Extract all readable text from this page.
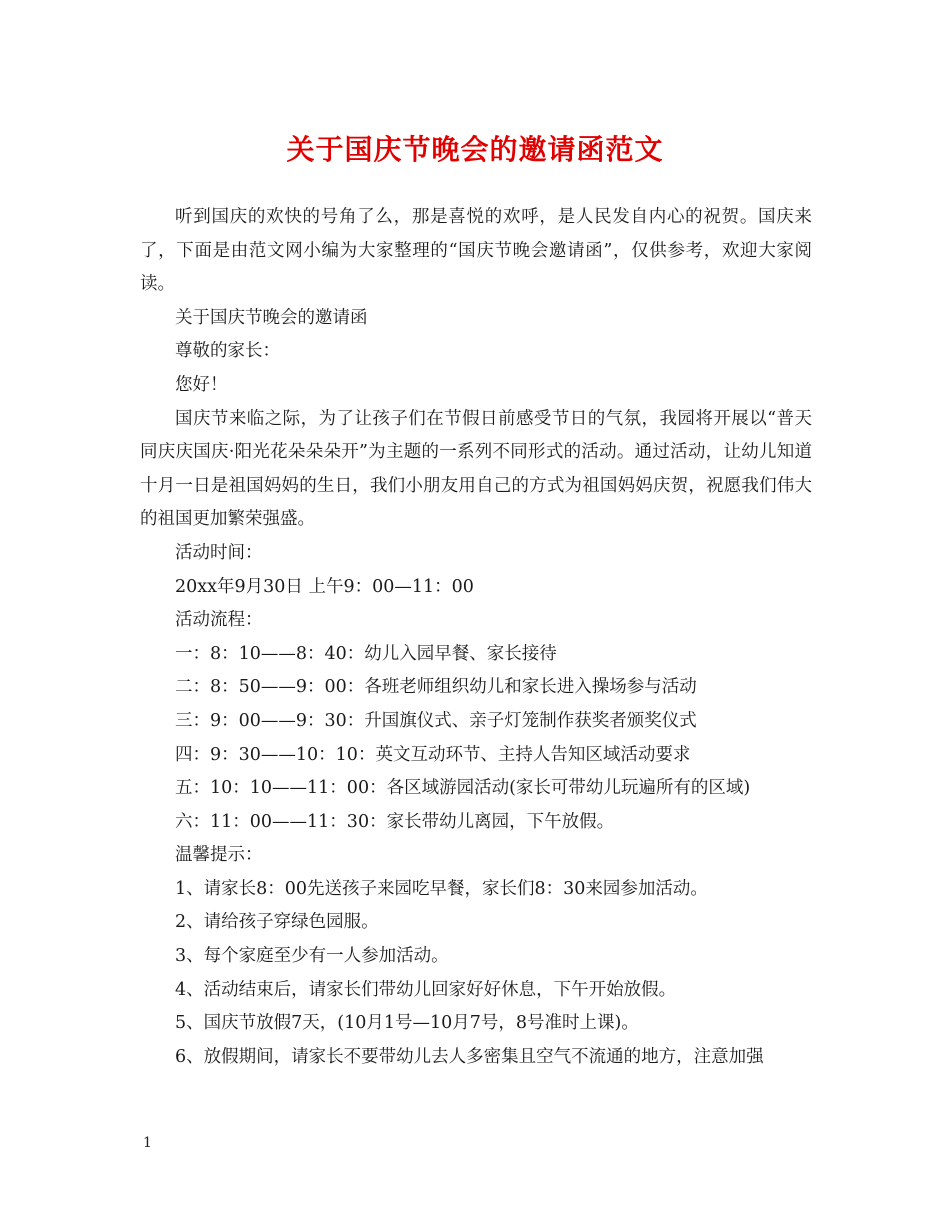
关于国庆节晚会的邀请函范文

听到国庆的欢快的号角了么，那是喜悦的欢呼，是人民发自内心的祝贺。国庆来了，下面是由范文网小编为大家整理的“国庆节晚会邀请函”，仅供参考，欢迎大家阅读。

关于国庆节晚会的邀请函

尊敬的家长：

您好！

国庆节来临之际，为了让孩子们在节假日前感受节日的气氛，我园将开展以“普天同庆庆国庆·阳光花朵朵朵开”为主题的一系列不同形式的活动。通过活动，让幼儿知道十月一日是祖国妈妈的生日，我们小朋友用自己的方式为祖国妈妈庆贺，祝愿我们伟大的祖国更加繁荣强盛。

活动时间：

20xx年9月30日 上午9：00—11：00

活动流程：

一：8：10——8：40：幼儿入园早餐、家长接待

二：8：50——9：00：各班老师组织幼儿和家长进入操场参与活动

三：9：00——9：30：升国旗仪式、亲子灯笼制作获奖者颁奖仪式

四：9：30——10：10：英文互动环节、主持人告知区域活动要求

五：10：10——11：00：各区域游园活动(家长可带幼儿玩遍所有的区域)

六：11：00——11：30：家长带幼儿离园，下午放假。

温馨提示：

1、请家长8：00先送孩子来园吃早餐，家长们8：30来园参加活动。

2、请给孩子穿绿色园服。

3、每个家庭至少有一人参加活动。

4、活动结束后，请家长们带幼儿回家好好休息，下午开始放假。

5、国庆节放假7天，(10月1号—10月7号，8号准时上课)。

6、放假期间，请家长不要带幼儿去人多密集且空气不流通的地方，注意加强

1
